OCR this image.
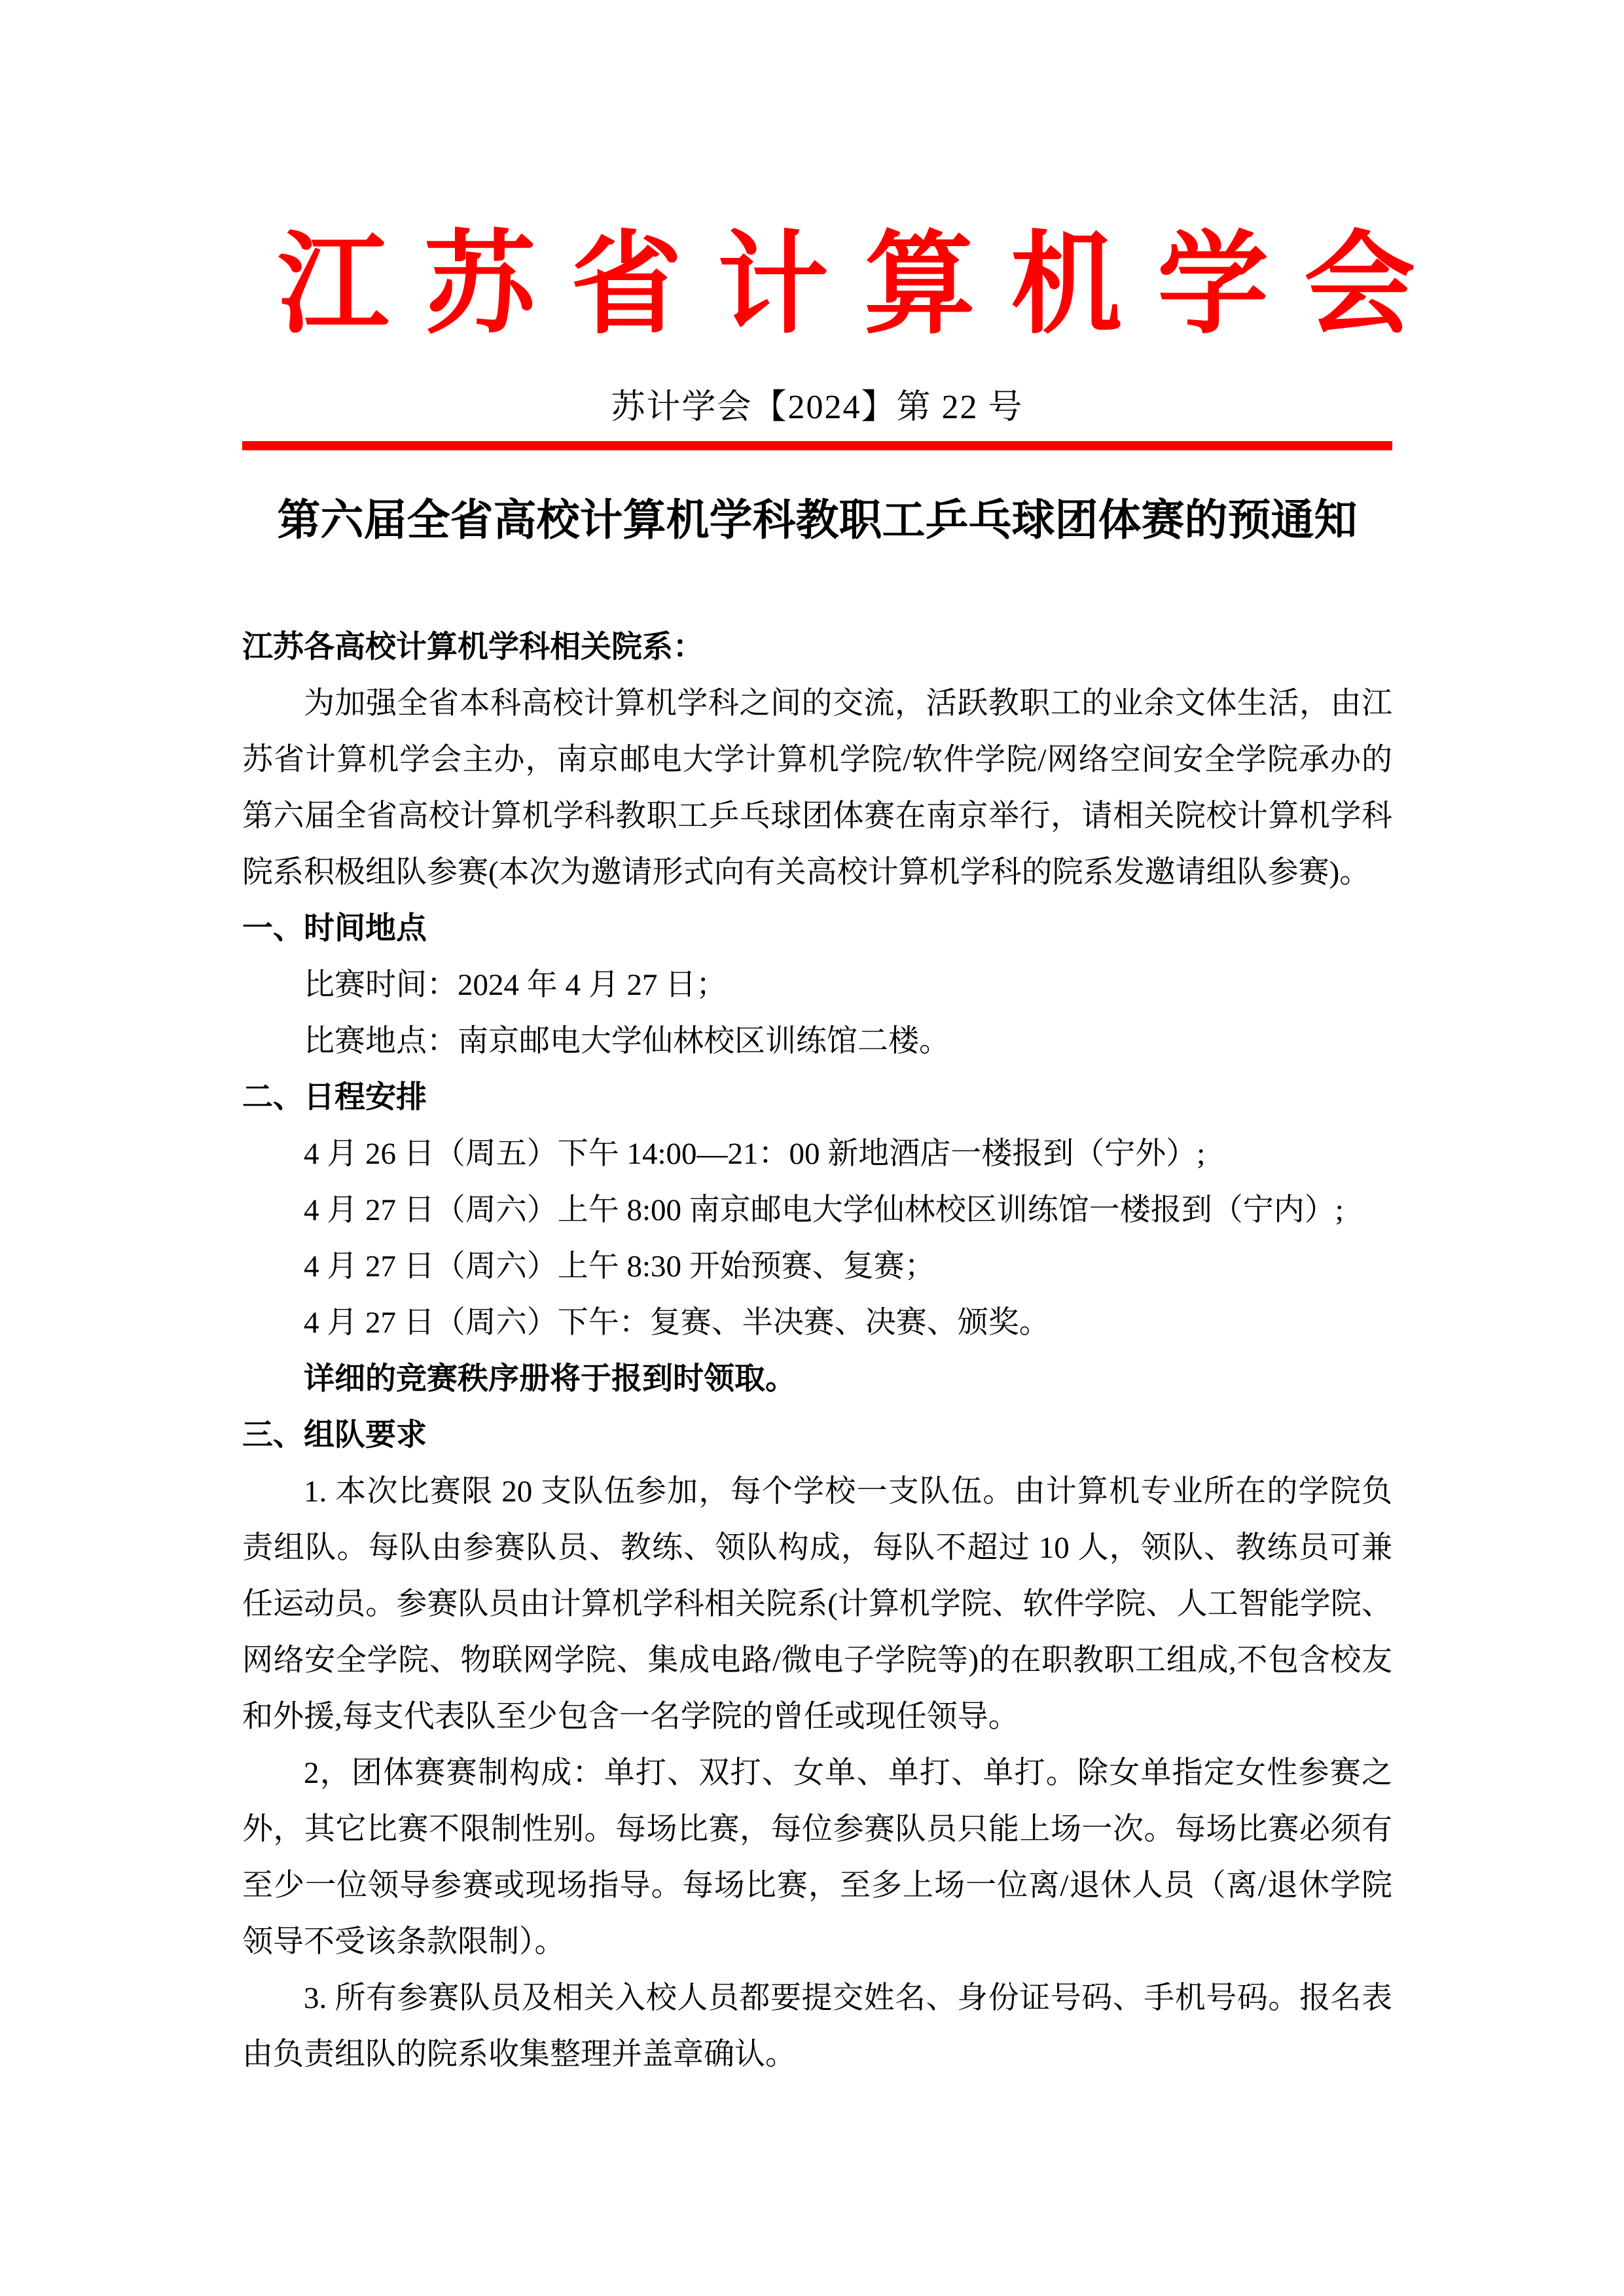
江苏省计算机学会
苏计学会【2024】第 22 号
第六届全省高校计算机学科教职工乒乓球团体赛的预通知
江苏各高校计算机学科相关院系：
为加强全省本科高校计算机学科之间的交流，活跃教职工的业余文体生活，由江苏省计算机学会主办，南京邮电大学计算机学院/软件学院/网络空间安全学院承办的第六届全省高校计算机学科教职工乒乓球团体赛在南京举行，请相关院校计算机学科院系积极组队参赛(本次为邀请形式向有关高校计算机学科的院系发邀请组队参赛)。
一、时间地点
比赛时间：2024 年 4 月 27 日；
比赛地点：南京邮电大学仙林校区训练馆二楼。
二、日程安排
4 月 26 日（周五）下午 14:00—21：00 新地酒店一楼报到（宁外）;
4 月 27 日（周六）上午 8:00 南京邮电大学仙林校区训练馆一楼报到（宁内）;
4 月 27 日（周六）上午 8:30 开始预赛、复赛；
4 月 27 日（周六）下午：复赛、半决赛、决赛、颁奖。
详细的竞赛秩序册将于报到时领取。
三、组队要求
1. 本次比赛限 20 支队伍参加，每个学校一支队伍。由计算机专业所在的学院负责组队。每队由参赛队员、教练、领队构成，每队不超过 10 人，领队、教练员可兼任运动员。参赛队员由计算机学科相关院系(计算机学院、软件学院、人工智能学院、网络安全学院、物联网学院、集成电路/微电子学院等)的在职教职工组成,不包含校友和外援,每支代表队至少包含一名学院的曾任或现任领导。
2，团体赛赛制构成：单打、双打、女单、单打、单打。除女单指定女性参赛之外，其它比赛不限制性别。每场比赛，每位参赛队员只能上场一次。每场比赛必须有至少一位领导参赛或现场指导。每场比赛，至多上场一位离/退休人员（离/退休学院领导不受该条款限制）。
3. 所有参赛队员及相关入校人员都要提交姓名、身份证号码、手机号码。报名表由负责组队的院系收集整理并盖章确认。
